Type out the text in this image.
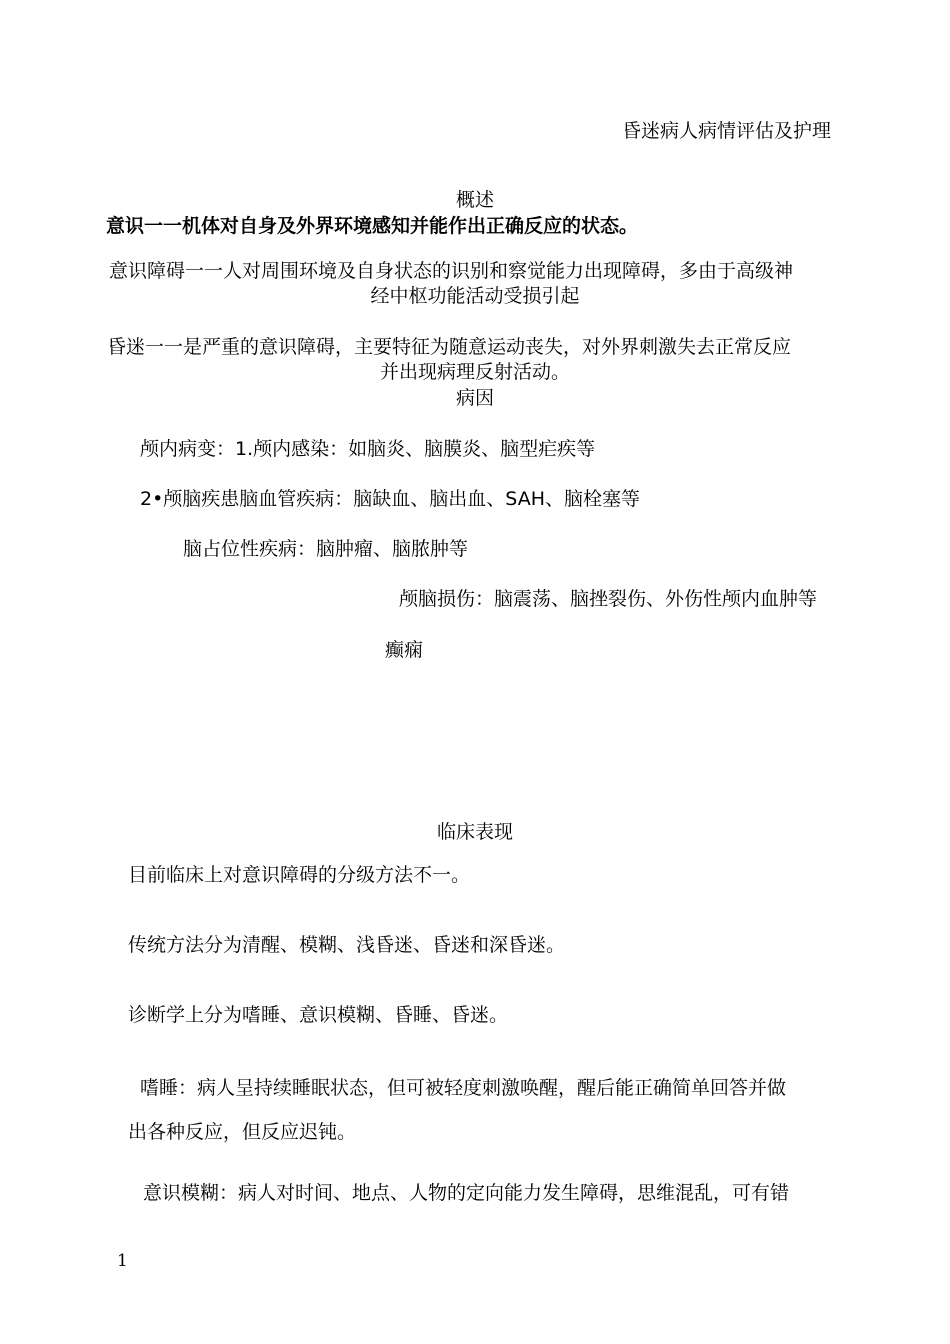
昏迷病人病情评估及护理
概述
意识一一机体对自身及外界环境感知并能作出正确反应的状态。
意识障碍一一人对周围环境及自身状态的识别和察觉能力出现障碍，多由于高级神
经中枢功能活动受损引起
昏迷一一是严重的意识障碍，主要特征为随意运动丧失，对外界刺激失去正常反应
并出现病理反射活动。
病因
颅内病变：1.颅内感染：如脑炎、脑膜炎、脑型疟疾等
2•颅脑疾患脑血管疾病：脑缺血、脑出血、SAH、脑栓塞等
脑占位性疾病：脑肿瘤、脑脓肿等
颅脑损伤：脑震荡、脑挫裂伤、外伤性颅内血肿等
癫痫
临床表现
目前临床上对意识障碍的分级方法不一。
传统方法分为清醒、模糊、浅昏迷、昏迷和深昏迷。
诊断学上分为嗜睡、意识模糊、昏睡、昏迷。
嗜睡：病人呈持续睡眠状态，但可被轻度刺激唤醒，醒后能正确简单回答并做
出各种反应，但反应迟钝。
意识模糊：病人对时间、地点、人物的定向能力发生障碍，思维混乱，可有错
1
